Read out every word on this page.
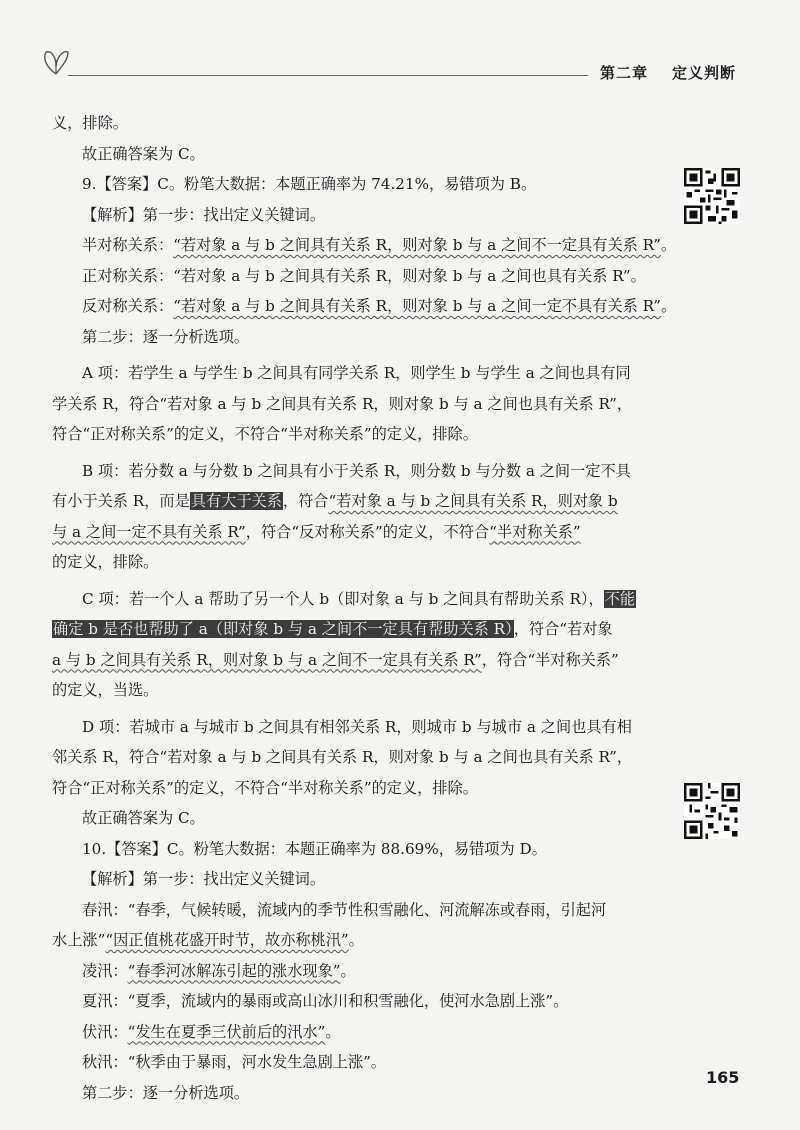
第二章 定义判断

义，排除。

故正确答案为 C。

9.【答案】C。粉笔大数据：本题正确率为 74.21%，易错项为 B。

【解析】第一步：找出定义关键词。

半对称关系：“若对象 a 与 b 之间具有关系 R，则对象 b 与 a 之间不一定具有关系 R”。

正对称关系：“若对象 a 与 b 之间具有关系 R，则对象 b 与 a 之间也具有关系 R”。

反对称关系：“若对象 a 与 b 之间具有关系 R，则对象 b 与 a 之间一定不具有关系 R”。

第二步：逐一分析选项。

A 项：若学生 a 与学生 b 之间具有同学关系 R，则学生 b 与学生 a 之间也具有同

学关系 R，符合“若对象 a 与 b 之间具有关系 R，则对象 b 与 a 之间也具有关系 R”，

符合“正对称关系”的定义，不符合“半对称关系”的定义，排除。

B 项：若分数 a 与分数 b 之间具有小于关系 R，则分数 b 与分数 a 之间一定不具

有小于关系 R，而是具有大于关系，符合“若对象 a 与 b 之间具有关系 R，则对象 b

与 a 之间一定不具有关系 R”，符合“反对称关系”的定义，不符合“半对称关系”

的定义，排除。

C 项：若一个人 a 帮助了另一个人 b（即对象 a 与 b 之间具有帮助关系 R），不能

确定 b 是否也帮助了 a（即对象 b 与 a 之间不一定具有帮助关系 R），符合“若对象

a 与 b 之间具有关系 R，则对象 b 与 a 之间不一定具有关系 R”，符合“半对称关系”

的定义，当选。

D 项：若城市 a 与城市 b 之间具有相邻关系 R，则城市 b 与城市 a 之间也具有相

邻关系 R，符合“若对象 a 与 b 之间具有关系 R，则对象 b 与 a 之间也具有关系 R”，

符合“正对称关系”的定义，不符合“半对称关系”的定义，排除。

故正确答案为 C。

10.【答案】C。粉笔大数据：本题正确率为 88.69%，易错项为 D。

【解析】第一步：找出定义关键词。

春汛：“春季，气候转暖，流域内的季节性积雪融化、河流解冻或春雨，引起河

水上涨”“因正值桃花盛开时节，故亦称桃汛”。

凌汛：“春季河冰解冻引起的涨水现象”。

夏汛：“夏季，流域内的暴雨或高山冰川和积雪融化，使河水急剧上涨”。

伏汛：“发生在夏季三伏前后的汛水”。

秋汛：“秋季由于暴雨，河水发生急剧上涨”。

第二步：逐一分析选项。

165
